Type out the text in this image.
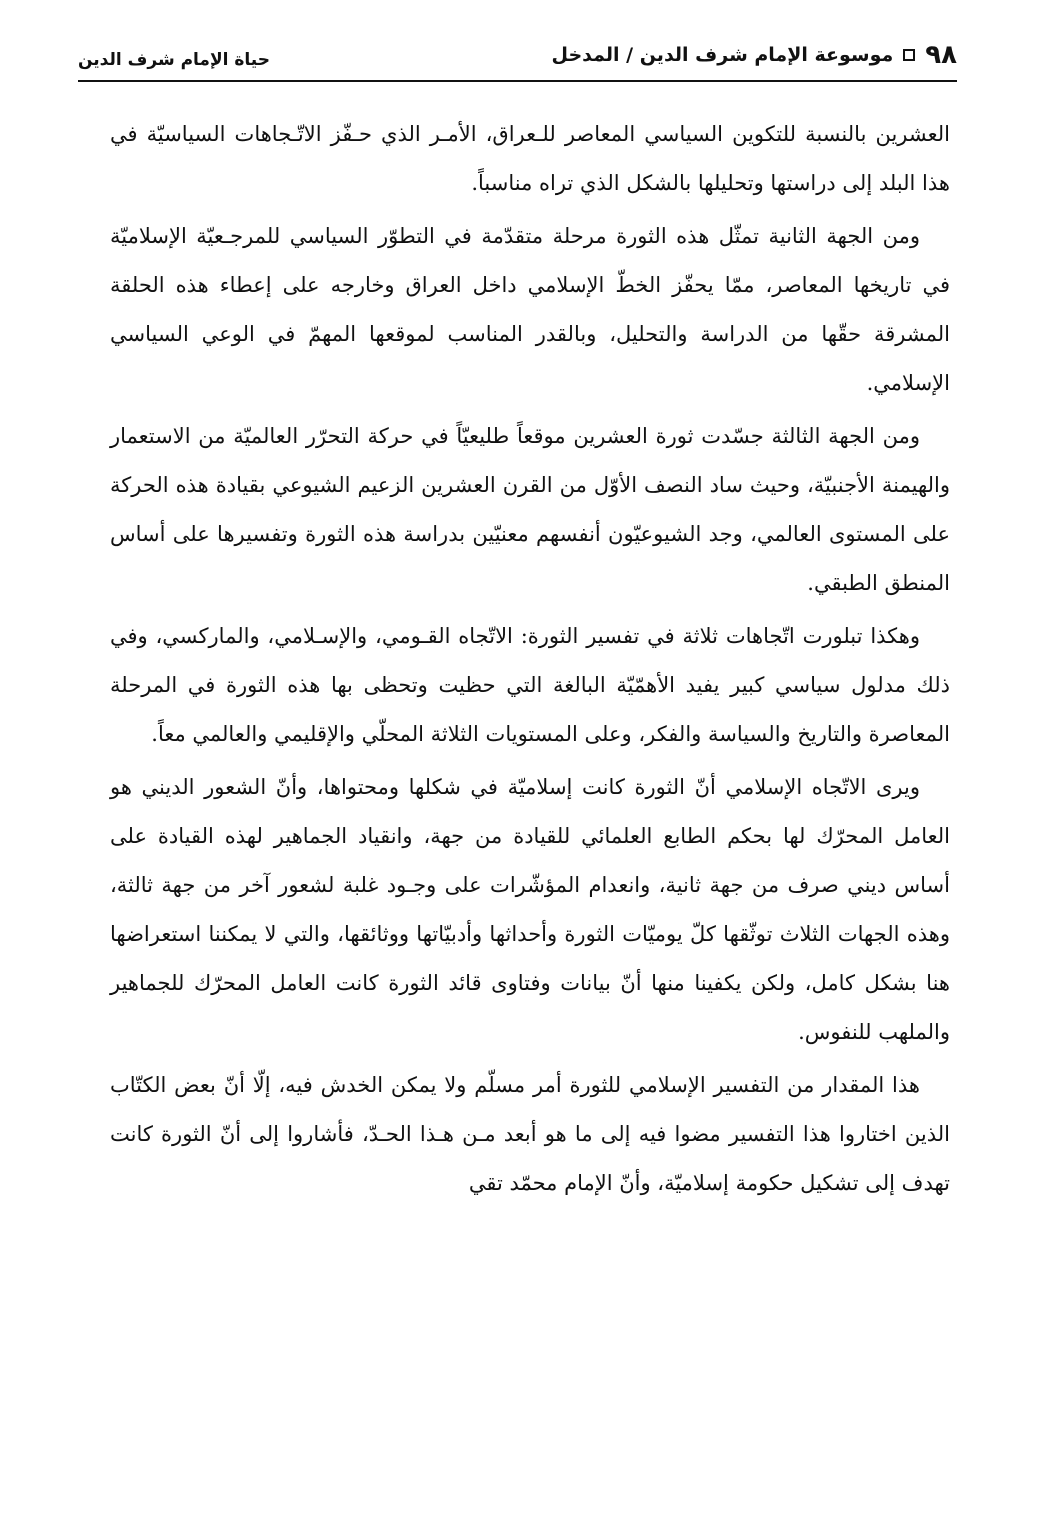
٩٨
موسوعة الإمام شرف الدين / المدخل
حياة الإمام شرف الدين

العشرين بالنسبة للتكوين السياسي المعاصر للـعراق، الأمـر الذي حـفّز الاتّـجاهات السياسيّة في هذا البلد إلى دراستها وتحليلها بالشكل الذي تراه مناسباً.

ومن الجهة الثانية تمثّل هذه الثورة مرحلة متقدّمة في التطوّر السياسي للمرجـعيّة الإسلاميّة في تاريخها المعاصر، ممّا يحفّز الخطّ الإسلامي داخل العراق وخارجه على إعطاء هذه الحلقة المشرقة حقّها من الدراسة والتحليل، وبالقدر المناسب لموقعها المهمّ في الوعي السياسي الإسلامي.

ومن الجهة الثالثة جسّدت ثورة العشرين موقعاً طليعيّاً في حركة التحرّر العالميّة من الاستعمار والهيمنة الأجنبيّة، وحيث ساد النصف الأوّل من القرن العشرين الزعيم الشيوعي بقيادة هذه الحركة على المستوى العالمي، وجد الشيوعيّون أنفسهم معنيّين بدراسة هذه الثورة وتفسيرها على أساس المنطق الطبقي.

وهكذا تبلورت اتّجاهات ثلاثة في تفسير الثورة: الاتّجاه القـومي، والإسـلامي، والماركسي، وفي ذلك مدلول سياسي كبير يفيد الأهمّيّة البالغة التي حظيت وتحظى بها هذه الثورة في المرحلة المعاصرة والتاريخ والسياسة والفكر، وعلى المستويات الثلاثة المحلّي والإقليمي والعالمي معاً.

ويرى الاتّجاه الإسلامي أنّ الثورة كانت إسلاميّة في شكلها ومحتواها، وأنّ الشعور الديني هو العامل المحرّك لها بحكم الطابع العلمائي للقيادة من جهة، وانقياد الجماهير لهذه القيادة على أساس ديني صرف من جهة ثانية، وانعدام المؤشّرات على وجـود غلبة لشعور آخر من جهة ثالثة، وهذه الجهات الثلاث توثّقها كلّ يوميّات الثورة وأحداثها وأدبيّاتها ووثائقها، والتي لا يمكننا استعراضها هنا بشكل كامل، ولكن يكفينا منها أنّ بيانات وفتاوى قائد الثورة كانت العامل المحرّك للجماهير والملهب للنفوس.

هذا المقدار من التفسير الإسلامي للثورة أمر مسلّم ولا يمكن الخدش فيه، إلّا أنّ بعض الكتّاب الذين اختاروا هذا التفسير مضوا فيه إلى ما هو أبعد مـن هـذا الحـدّ، فأشاروا إلى أنّ الثورة كانت تهدف إلى تشكيل حكومة إسلاميّة، وأنّ الإمام محمّد تقي
